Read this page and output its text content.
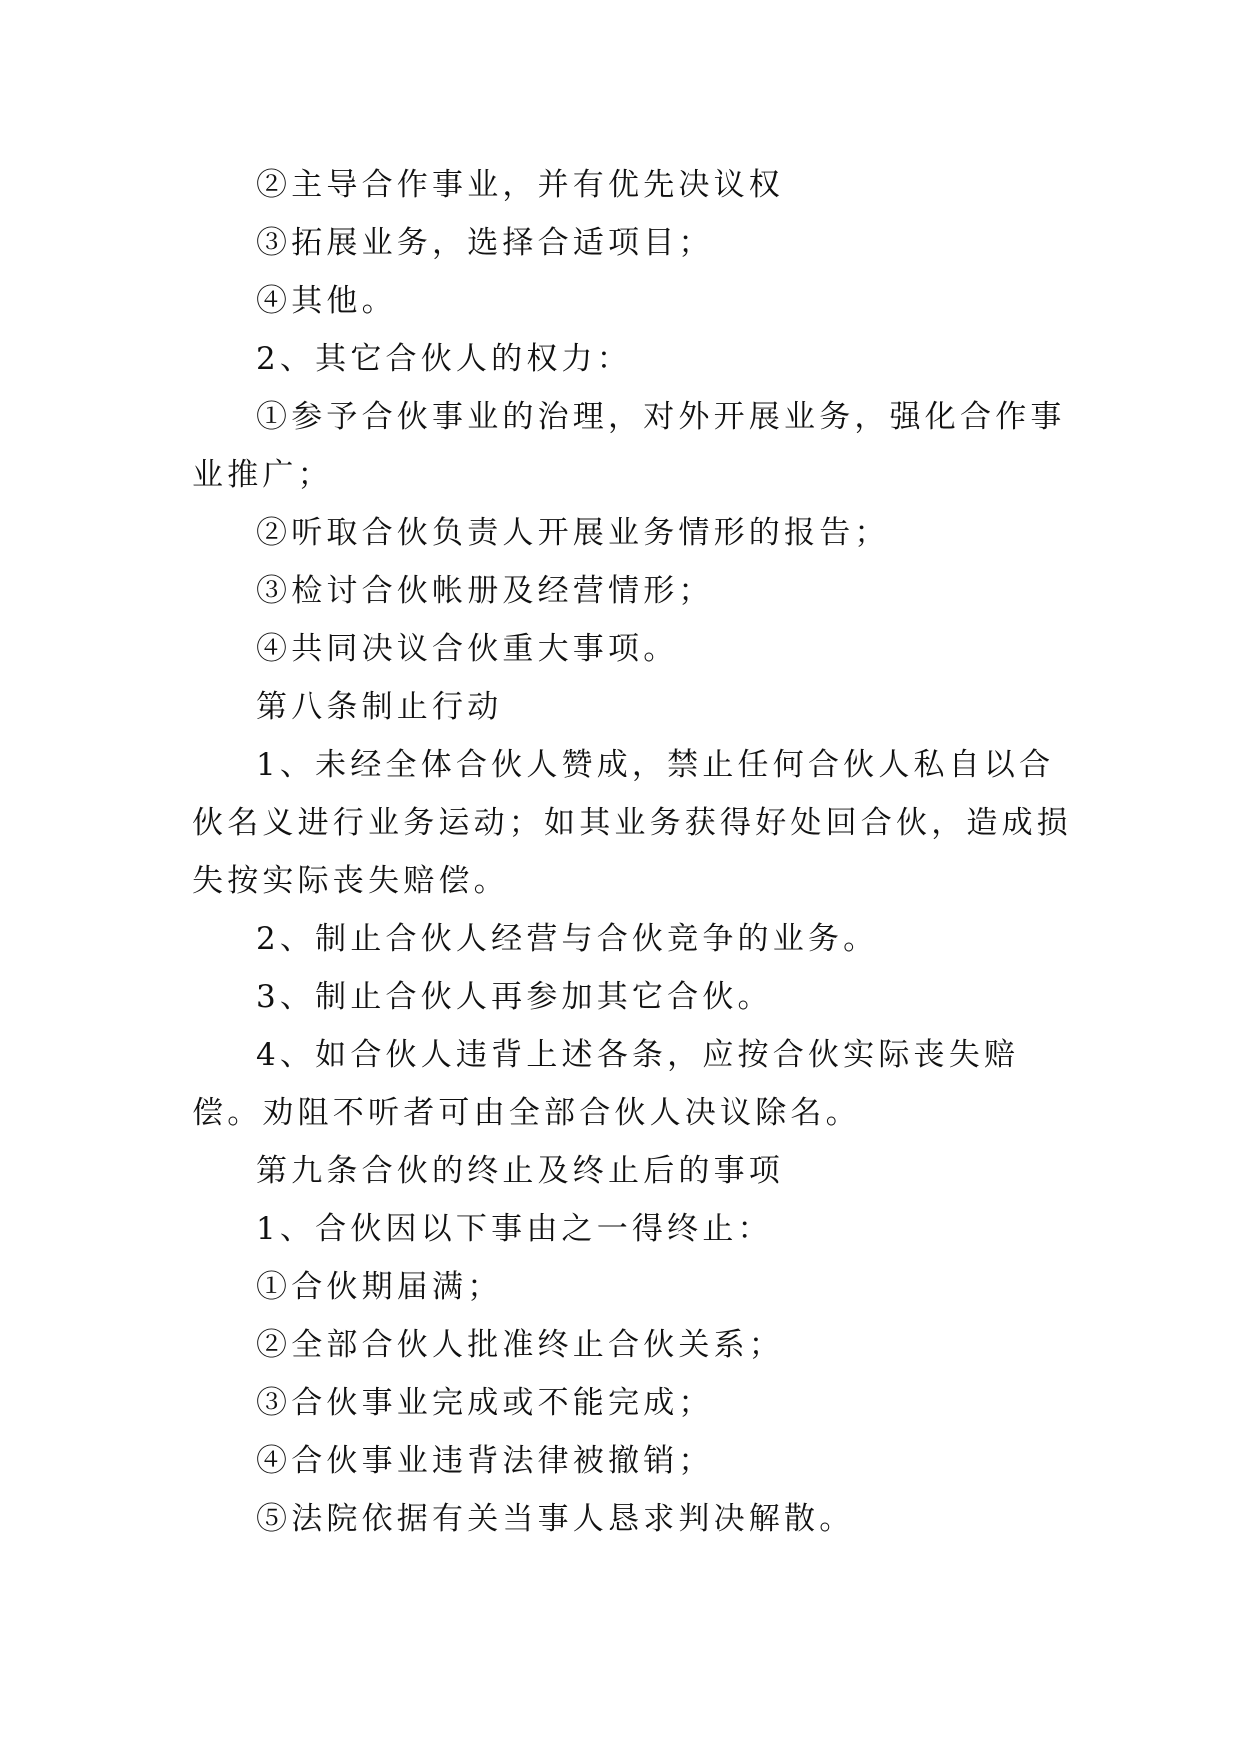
②主导合作事业，并有优先决议权

③拓展业务，选择合适项目；

④其他。

2、其它合伙人的权力：

①参予合伙事业的治理，对外开展业务，强化合作事业推广；

②听取合伙负责人开展业务情形的报告；

③检讨合伙帐册及经营情形；

④共同决议合伙重大事项。

第八条制止行动

1、未经全体合伙人赞成，禁止任何合伙人私自以合伙名义进行业务运动；如其业务获得好处回合伙，造成损失按实际丧失赔偿。

2、制止合伙人经营与合伙竞争的业务。

3、制止合伙人再参加其它合伙。

4、如合伙人违背上述各条，应按合伙实际丧失赔偿。劝阻不听者可由全部合伙人决议除名。

第九条合伙的终止及终止后的事项

1、合伙因以下事由之一得终止：

①合伙期届满；

②全部合伙人批准终止合伙关系；

③合伙事业完成或不能完成；

④合伙事业违背法律被撤销；

⑤法院依据有关当事人恳求判决解散。
